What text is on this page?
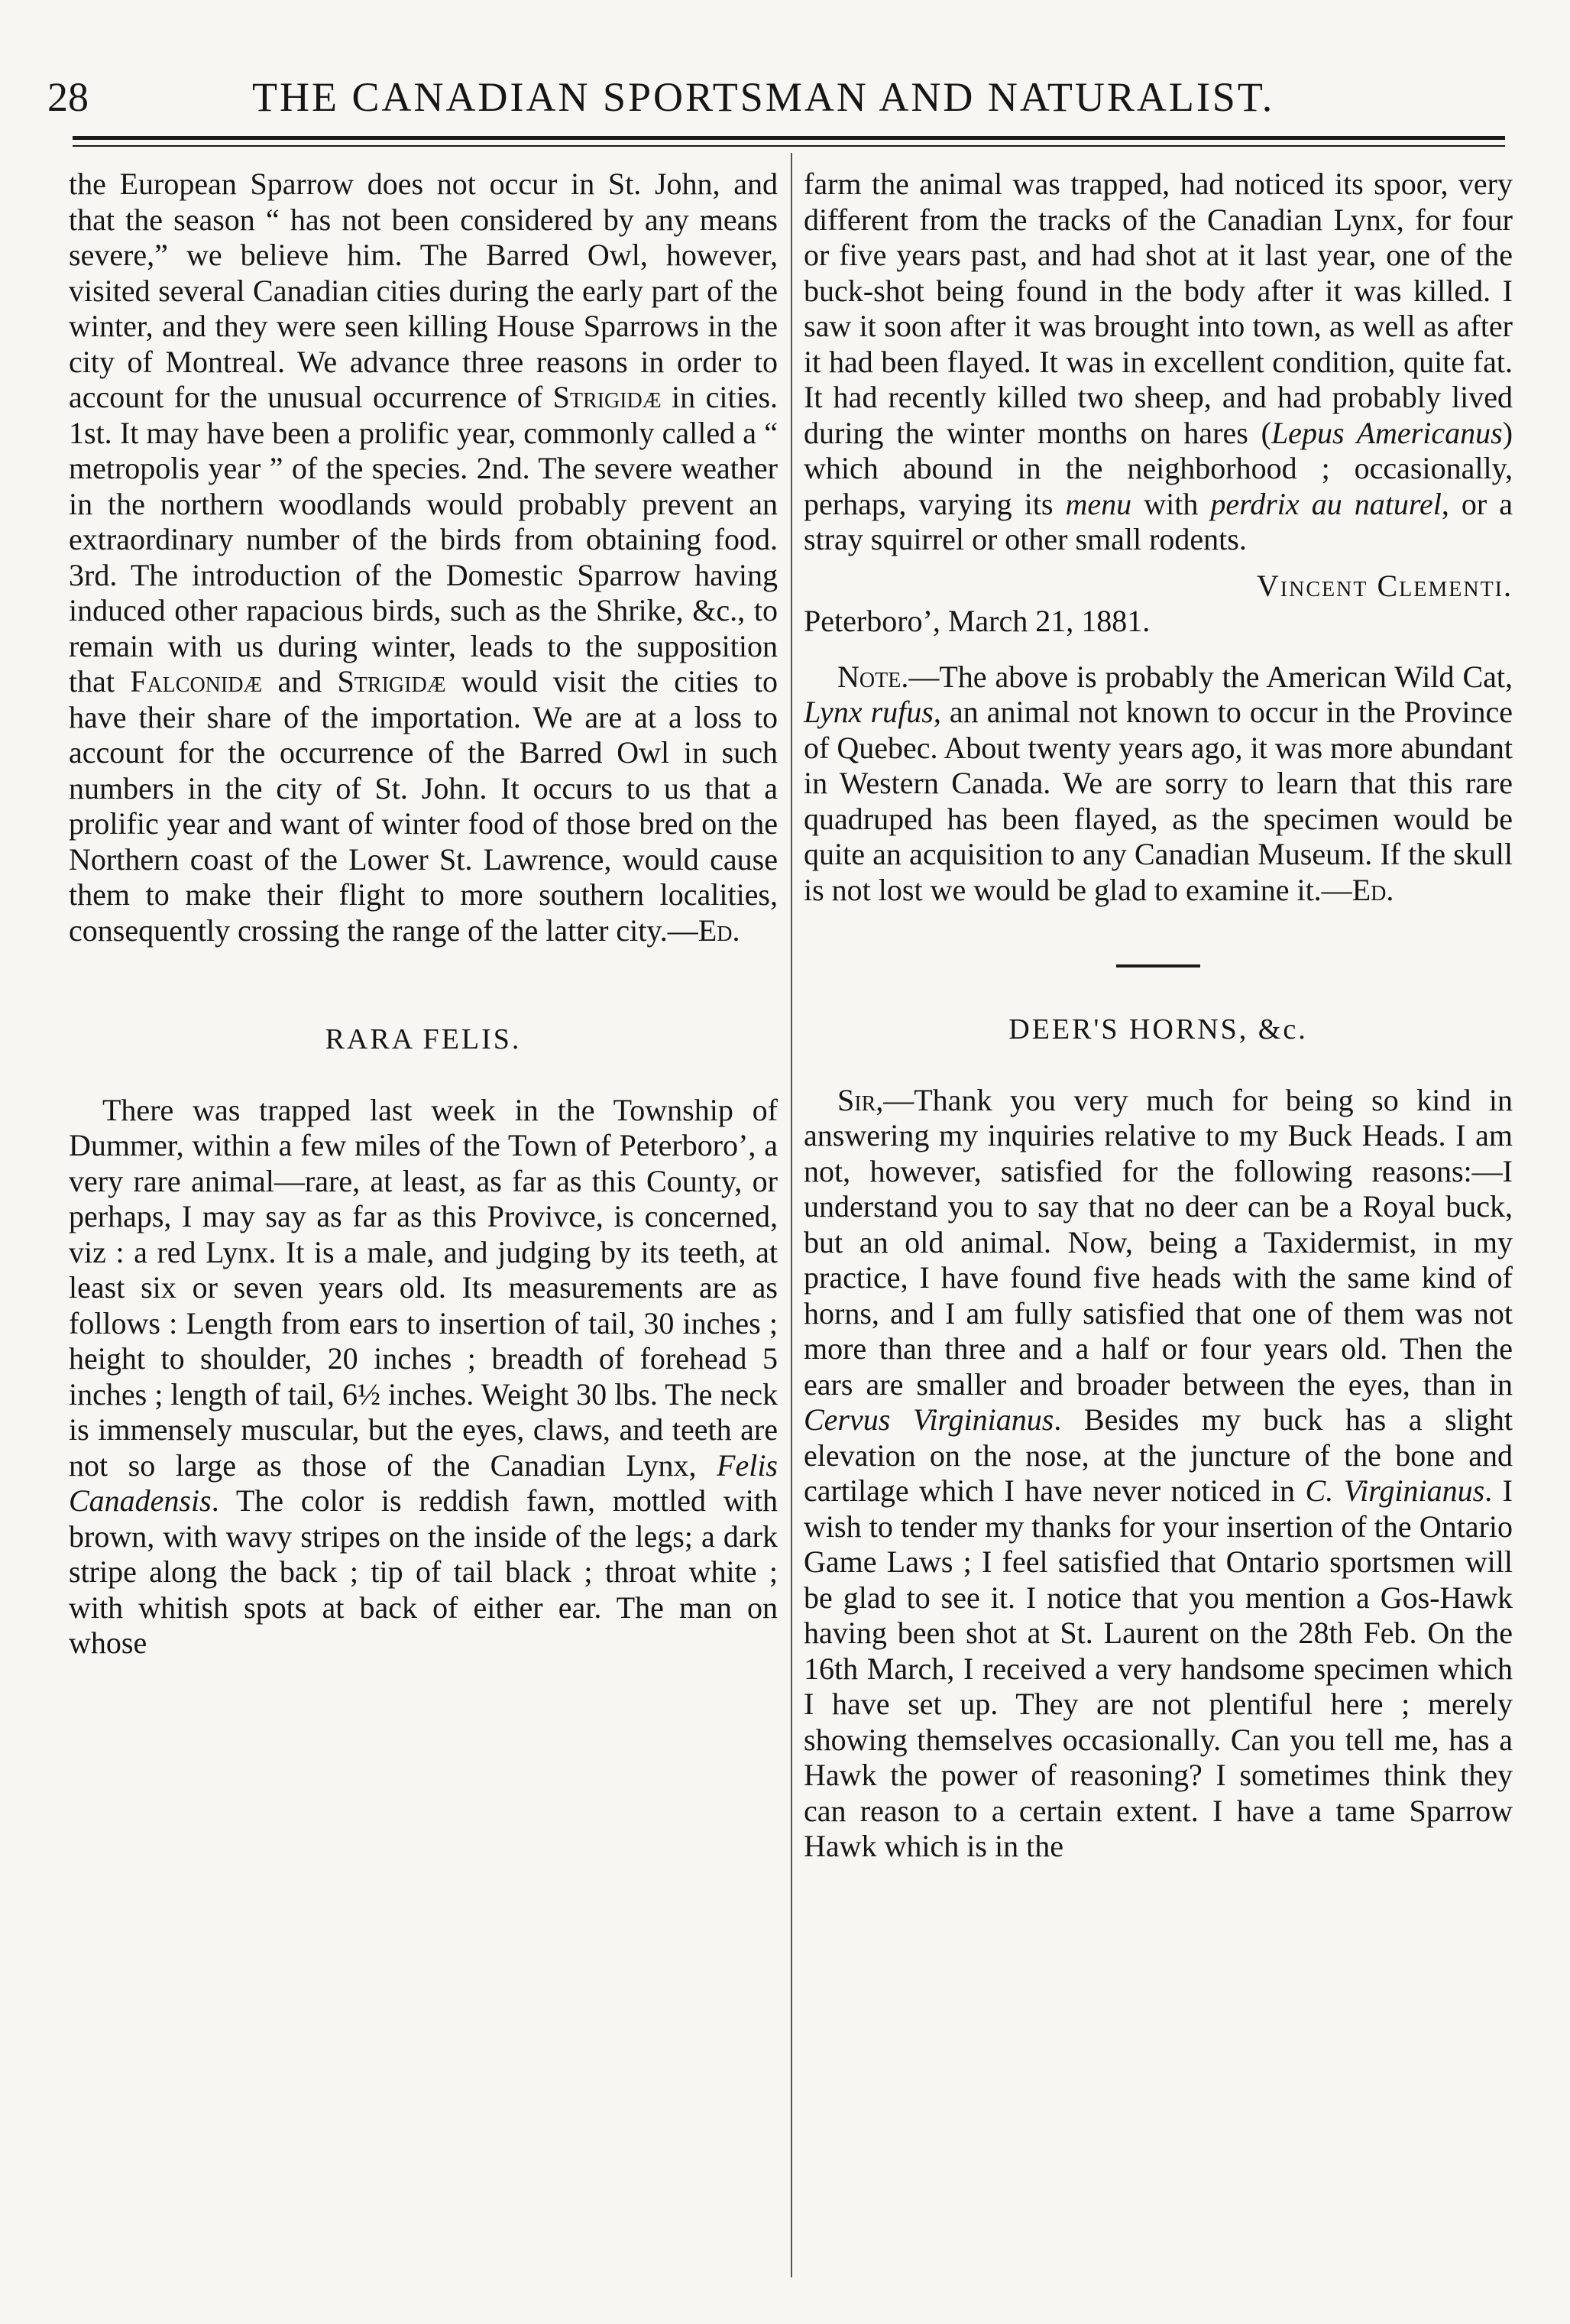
28	THE CANADIAN SPORTSMAN AND NATURALIST.

the European Sparrow does not occur in St. John, and that the season “ has not been considered by any means severe,” we believe him. The Barred Owl, however, visited several Canadian cities during the early part of the winter, and they were seen killing House Sparrows in the city of Montreal. We advance three reasons in order to account for the unusual occurrence of Strigidæ in cities. 1st. It may have been a prolific year, commonly called a “ metropolis year ” of the species. 2nd. The severe weather in the northern woodlands would probably prevent an extraordinary number of the birds from obtaining food. 3rd. The introduction of the Domestic Sparrow having induced other rapacious birds, such as the Shrike, &c., to remain with us during winter, leads to the supposition that Falconidæ and Strigidæ would visit the cities to have their share of the importation. We are at a loss to account for the occurrence of the Barred Owl in such numbers in the city of St. John. It occurs to us that a prolific year and want of winter food of those bred on the Northern coast of the Lower St. Lawrence, would cause them to make their flight to more southern localities, consequently crossing the range of the latter city.—Ed.

RARA FELIS.

There was trapped last week in the Township of Dummer, within a few miles of the Town of Peterboro’, a very rare animal—rare, at least, as far as this County, or perhaps, I may say as far as this Provivce, is concerned, viz : a red Lynx. It is a male, and judging by its teeth, at least six or seven years old. Its measurements are as follows : Length from ears to insertion of tail, 30 inches ; height to shoulder, 20 inches ; breadth of forehead 5 inches ; length of tail, 6½ inches. Weight 30 lbs. The neck is immensely muscular, but the eyes, claws, and teeth are not so large as those of the Canadian Lynx, Felis Canadensis. The color is reddish fawn, mottled with brown, with wavy stripes on the inside of the legs; a dark stripe along the back ; tip of tail black ; throat white ; with whitish spots at back of either ear. The man on whose

farm the animal was trapped, had noticed its spoor, very different from the tracks of the Canadian Lynx, for four or five years past, and had shot at it last year, one of the buck-shot being found in the body after it was killed. I saw it soon after it was brought into town, as well as after it had been flayed. It was in excellent condition, quite fat. It had recently killed two sheep, and had probably lived during the winter months on hares (Lepus Americanus) which abound in the neighborhood ; occasionally, perhaps, varying its menu with perdrix au naturel, or a stray squirrel or other small rodents.

Vincent Clementi.

Peterboro’, March 21, 1881.

Note.—The above is probably the American Wild Cat, Lynx rufus, an animal not known to occur in the Province of Quebec. About twenty years ago, it was more abundant in Western Canada. We are sorry to learn that this rare quadruped has been flayed, as the specimen would be quite an acquisition to any Canadian Museum. If the skull is not lost we would be glad to examine it.—Ed.

DEER'S HORNS, &c.

Sir,—Thank you very much for being so kind in answering my inquiries relative to my Buck Heads. I am not, however, satisfied for the following reasons:—I understand you to say that no deer can be a Royal buck, but an old animal. Now, being a Taxidermist, in my practice, I have found five heads with the same kind of horns, and I am fully satisfied that one of them was not more than three and a half or four years old. Then the ears are smaller and broader between the eyes, than in Cervus Virginianus. Besides my buck has a slight elevation on the nose, at the juncture of the bone and cartilage which I have never noticed in C. Virginianus. I wish to tender my thanks for your insertion of the Ontario Game Laws ; I feel satisfied that Ontario sportsmen will be glad to see it. I notice that you mention a Gos-Hawk having been shot at St. Laurent on the 28th Feb. On the 16th March, I received a very handsome specimen which I have set up. They are not plentiful here ; merely showing themselves occasionally. Can you tell me, has a Hawk the power of reasoning? I sometimes think they can reason to a certain extent. I have a tame Sparrow Hawk which is in the
